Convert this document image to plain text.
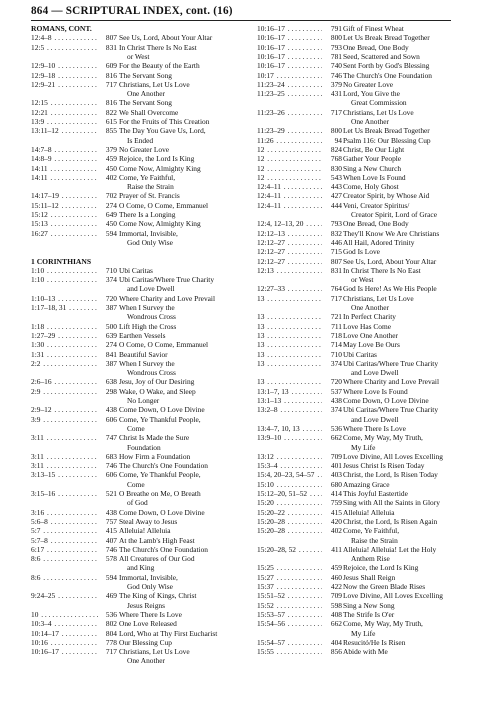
864 — SCRIPTURAL INDEX, cont. (16)
ROMANS, CONT.
12:4–8 . . .	807 See Us, Lord, About Your Altar
12:5 . . .	831 In Christ There Is No East
or West
12:9–10 . . .	609 For the Beauty of the Earth
12:9–18 . . .	816 The Servant Song
12:9–21 . . .	717 Christians, Let Us Love
One Another
12:15 . . .	816 The Servant Song
12:21 . . .	822 We Shall Overcome
13:9 . . .	615 For the Fruits of This Creation
13:11–12 . . .	855 The Day You Gave Us, Lord,
Is Ended
14:7–8 . . .	379 No Greater Love
14:8–9 . . .	459 Rejoice, the Lord Is King
14:11 . . .	450 Come Now, Almighty King
14:11 . . .	402 Come, Ye Faithful,
Raise the Strain
14:17–19 . . .	702 Prayer of St. Francis
15:11–12 . . .	274 O Come, O Come, Emmanuel
15:12 . . .	649 There Is a Longing
15:13 . . .	450 Come Now, Almighty King
16:27 . . .	594 Immortal, Invisible,
God Only Wise
1 CORINTHIANS
1:10 . . .	710 Ubi Caritas
1:10 . . .	374 Ubi Caritas/Where True Charity
and Love Dwell
1:10–13 . . .	720 Where Charity and Love Prevail
1:17–18, 31 . . .	387 When I Survey the
Wondrous Cross
1:18 . . .	500 Lift High the Cross
1:27–29 . . .	639 Earthen Vessels
1:30 . . .	274 O Come, O Come, Emmanuel
1:31 . . .	841 Beautiful Savior
2:2 . . .	387 When I Survey the
Wondrous Cross
2:6–16 . . .	638 Jesu, Joy of Our Desiring
2:9 . . .	298 Wake, O Wake, and Sleep
No Longer
2:9–12 . . .	438 Come Down, O Love Divine
3:9 . . .	606 Come, Ye Thankful People,
Come
3:11 . . .	747 Christ Is Made the Sure
Foundation
3:11 . . .	683 How Firm a Foundation
3:11 . . .	746 The Church's One Foundation
3:13–15 . . .	606 Come, Ye Thankful People,
Come
3:15–16 . . .	521 O Breathe on Me, O Breath
of God
3:16 . . .	438 Come Down, O Love Divine
5:6–8 . . .	757 Steal Away to Jesus
5:7 . . .	415 Alleluia! Alleluia
5:7–8 . . .	407 At the Lamb's High Feast
6:17 . . .	746 The Church's One Foundation
8:6 . . .	578 All Creatures of Our God
and King
8:6 . . .	594 Immortal, Invisible,
God Only Wise
9:24–25 . . .	469 The King of Kings, Christ
Jesus Reigns
10 . . .	536 Where There Is Love
10:3–4 . . .	802 One Love Released
10:14–17 . . .	804 Lord, Who at Thy First Eucharist
10:16 . . .	778 Our Blessing Cup
10:16–17 . . .	717 Christians, Let Us Love
One Another
10:16–17 . . .	791 Gift of Finest Wheat
10:16–17 . . .	800 Let Us Break Bread Together
10:16–17 . . .	793 One Bread, One Body
10:16–17 . . .	781 Seed, Scattered and Sown
10:16–17 . . .	740 Sent Forth by God's Blessing
10:17 . . .	746 The Church's One Foundation
11:23–24 . . .	379 No Greater Love
11:23–25 . . .	431 Lord, You Give the
Great Commission
11:23–26 . . .	717 Christians, Let Us Love
One Another
11:23–29 . . .	800 Let Us Break Bread Together
11:26 . . .	94 Psalm 116: Our Blessing Cup
12 . . .	824 Christ, Be Our Light
12 . . .	768 Gather Your People
12 . . .	830 Sing a New Church
12 . . .	543 When Love Is Found
12:4–11 . . .	443 Come, Holy Ghost
12:4–11 . . .	427 Creator Spirit, by Whose Aid
12:4–11 . . .	444 Veni, Creator Spiritus/
Creator Spirit, Lord of Grace
12:4, 12–13, 20 . . .	793 One Bread, One Body
12:12–13 . . .	832 They'll Know We Are Christians
12:12–27 . . .	446 All Hail, Adored Trinity
12:12–27 . . .	715 God Is Love
12:12–27 . . .	807 See Us, Lord, About Your Altar
12:13 . . .	831 In Christ There Is No East
or West
12:27–33 . . .	764 God Is Here! As We His People
13 . . .	717 Christians, Let Us Love
One Another
13 . . .	721 In Perfect Charity
13 . . .	711 Love Has Come
13 . . .	718 Love One Another
13 . . .	714 May Love Be Ours
13 . . .	710 Ubi Caritas
13 . . .	374 Ubi Caritas/Where True Charity
and Love Dwell
13 . . .	720 Where Charity and Love Prevail
13:1–7, 13 . . .	537 Where Love Is Found
13:1–13 . . .	438 Come Down, O Love Divine
13:2–8 . . .	374 Ubi Caritas/Where True Charity
and Love Dwell
13:4–7, 10, 13 . . .	536 Where There Is Love
13:9–10 . . .	662 Come, My Way, My Truth,
My Life
13:12 . . .	709 Love Divine, All Loves Excelling
15:3–4 . . .	401 Jesus Christ Is Risen Today
15:4, 20–23, 54–57 . . .	403 Christ, the Lord, Is Risen Today
15:10 . . .	680 Amazing Grace
15:12–20, 51–52 . . .	414 This Joyful Eastertide
15:20 . . .	759 Sing with All the Saints in Glory
15:20–22 . . .	415 Alleluia! Alleluia
15:20–28 . . .	420 Christ, the Lord, Is Risen Again
15:20–28 . . .	402 Come, Ye Faithful,
Raise the Strain
15:20–28, 52 . . .	411 Alleluia! Alleluia! Let the Holy
Anthem Rise
15:25 . . .	459 Rejoice, the Lord Is King
15:27 . . .	460 Jesus Shall Reign
15:37 . . .	422 Now the Green Blade Rises
15:51–52 . . .	709 Love Divine, All Loves Excelling
15:52 . . .	598 Sing a New Song
15:53–57 . . .	408 The Strife Is O'er
15:54–56 . . .	662 Come, My Way, My Truth,
My Life
15:54–57 . . .	404 Resucitó/He Is Risen
15:55 . . .	856 Abide with Me
